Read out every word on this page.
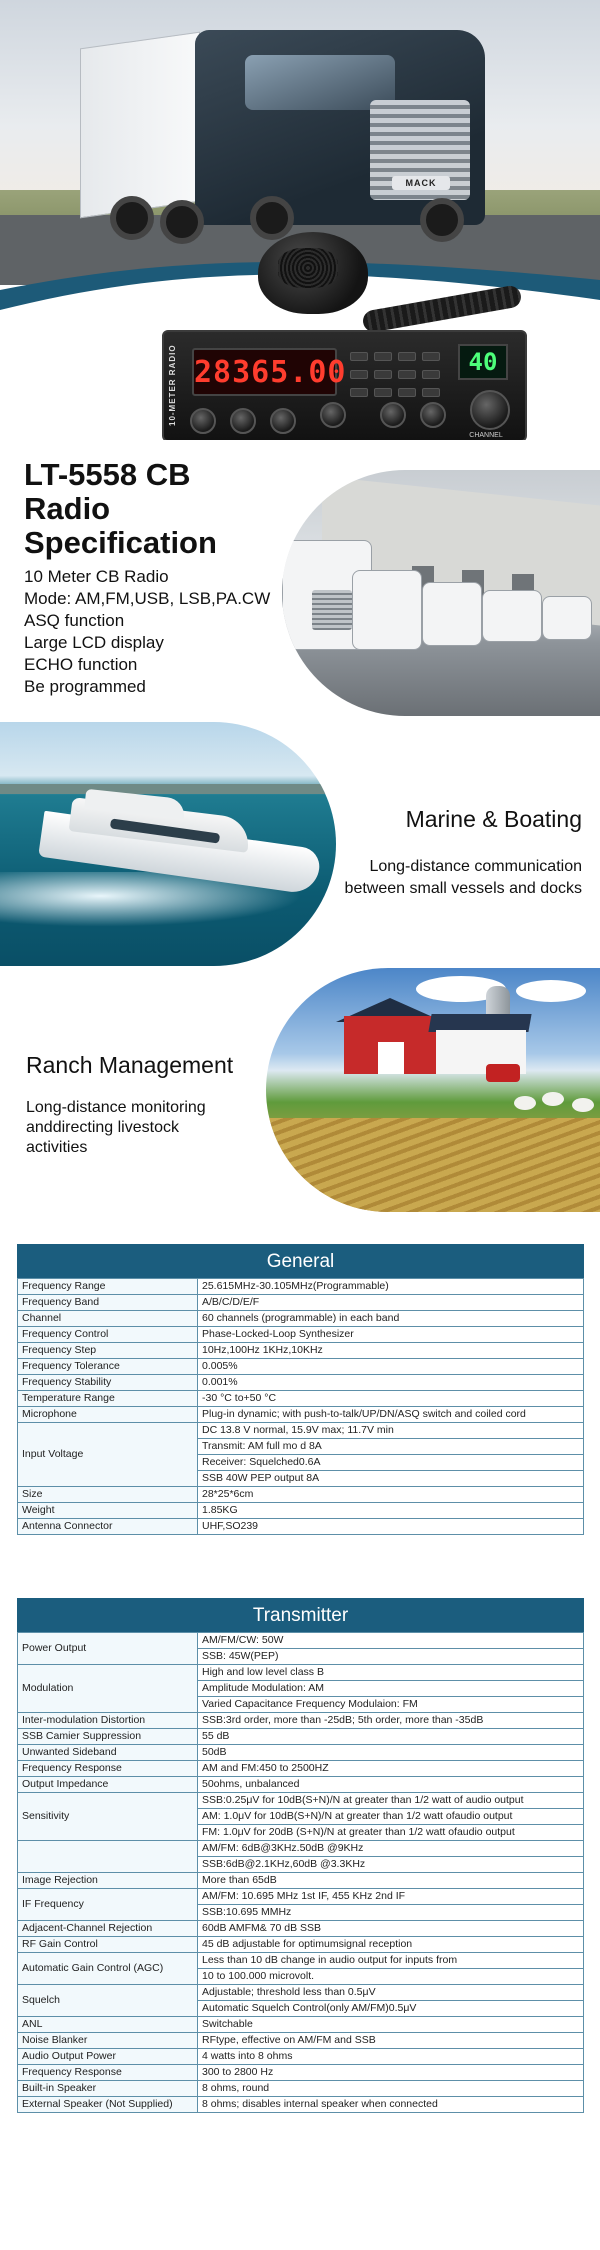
MACK
10-METER RADIO 28365.00	40
CHANNEL
LT-5558 CB
Radio
Specification
10 Meter CB Radio
Mode: AM,FM,USB, LSB,PA.CW
ASQ function
Large LCD display
ECHO function
Be programmed
Marine & Boating
Long-distance communication between small vessels and docks
Ranch Management
Long-distance monitoring anddirecting livestock activities
General
Frequency Range	25.615MHz-30.105MHz(Programmable)
Frequency Band	A/B/C/D/E/F
Channel	60 channels (programmable) in each band
Frequency Control	Phase-Locked-Loop Synthesizer
Frequency Step	10Hz,100Hz 1KHz,10KHz
Frequency Tolerance	0.005%
Frequency Stability	0.001%
Temperature Range	-30 °C to+50 °C
Microphone	Plug-in dynamic; with push-to-talk/UP/DN/ASQ switch and coiled cord
Input Voltage	DC 13.8 V normal, 15.9V max; 11.7V min
	Transmit: AM full mo d 8A
	Receiver: Squelched0.6A
	SSB 40W PEP output 8A
Size	28*25*6cm
Weight	1.85KG
Antenna Connector	UHF,SO239
Transmitter
Power Output	AM/FM/CW: 50W
	SSB: 45W(PEP)
Modulation	High and low level class B
	Amplitude Modulation: AM
	Varied Capacitance Frequency Modulaion: FM
Inter-modulation Distortion	SSB:3rd order, more than -25dB; 5th order, more than -35dB
SSB Camier Suppression	55 dB
Unwanted Sideband	50dB
Frequency Response	AM and FM:450 to 2500HZ
Output Impedance	50ohms, unbalanced
Sensitivity	SSB:0.25μV for 10dB(S+N)/N at greater than 1/2 watt of audio output
	AM: 1.0μV for 10dB(S+N)/N at greater than 1/2 watt ofaudio output
	FM: 1.0μV for 20dB (S+N)/N at greater than 1/2 watt ofaudio output
	AM/FM: 6dB@3KHz.50dB @9KHz
	SSB:6dB@2.1KHz,60dB @3.3KHz
Image Rejection	More than 65dB
IF Frequency	AM/FM: 10.695 MHz 1st IF, 455 KHz 2nd IF
	SSB:10.695 MMHz
Adjacent-Channel Rejection	60dB AMFM& 70 dB SSB
RF Gain Control	45 dB adjustable for optimumsignal reception
Automatic Gain Control (AGC)	Less than 10 dB change in audio output for inputs from
	10 to 100.000 microvolt.
Squelch	Adjustable; threshold less than 0.5μV
	Automatic Squelch Control(only AM/FM)0.5μV
ANL	Switchable
Noise Blanker	RFtype, effective on AM/FM and SSB
Audio Output Power	4 watts into 8 ohms
Frequency Response	300 to 2800 Hz
Built-in Speaker	8 ohms, round
External Speaker (Not Supplied)	8 ohms; disables internal speaker when connected
